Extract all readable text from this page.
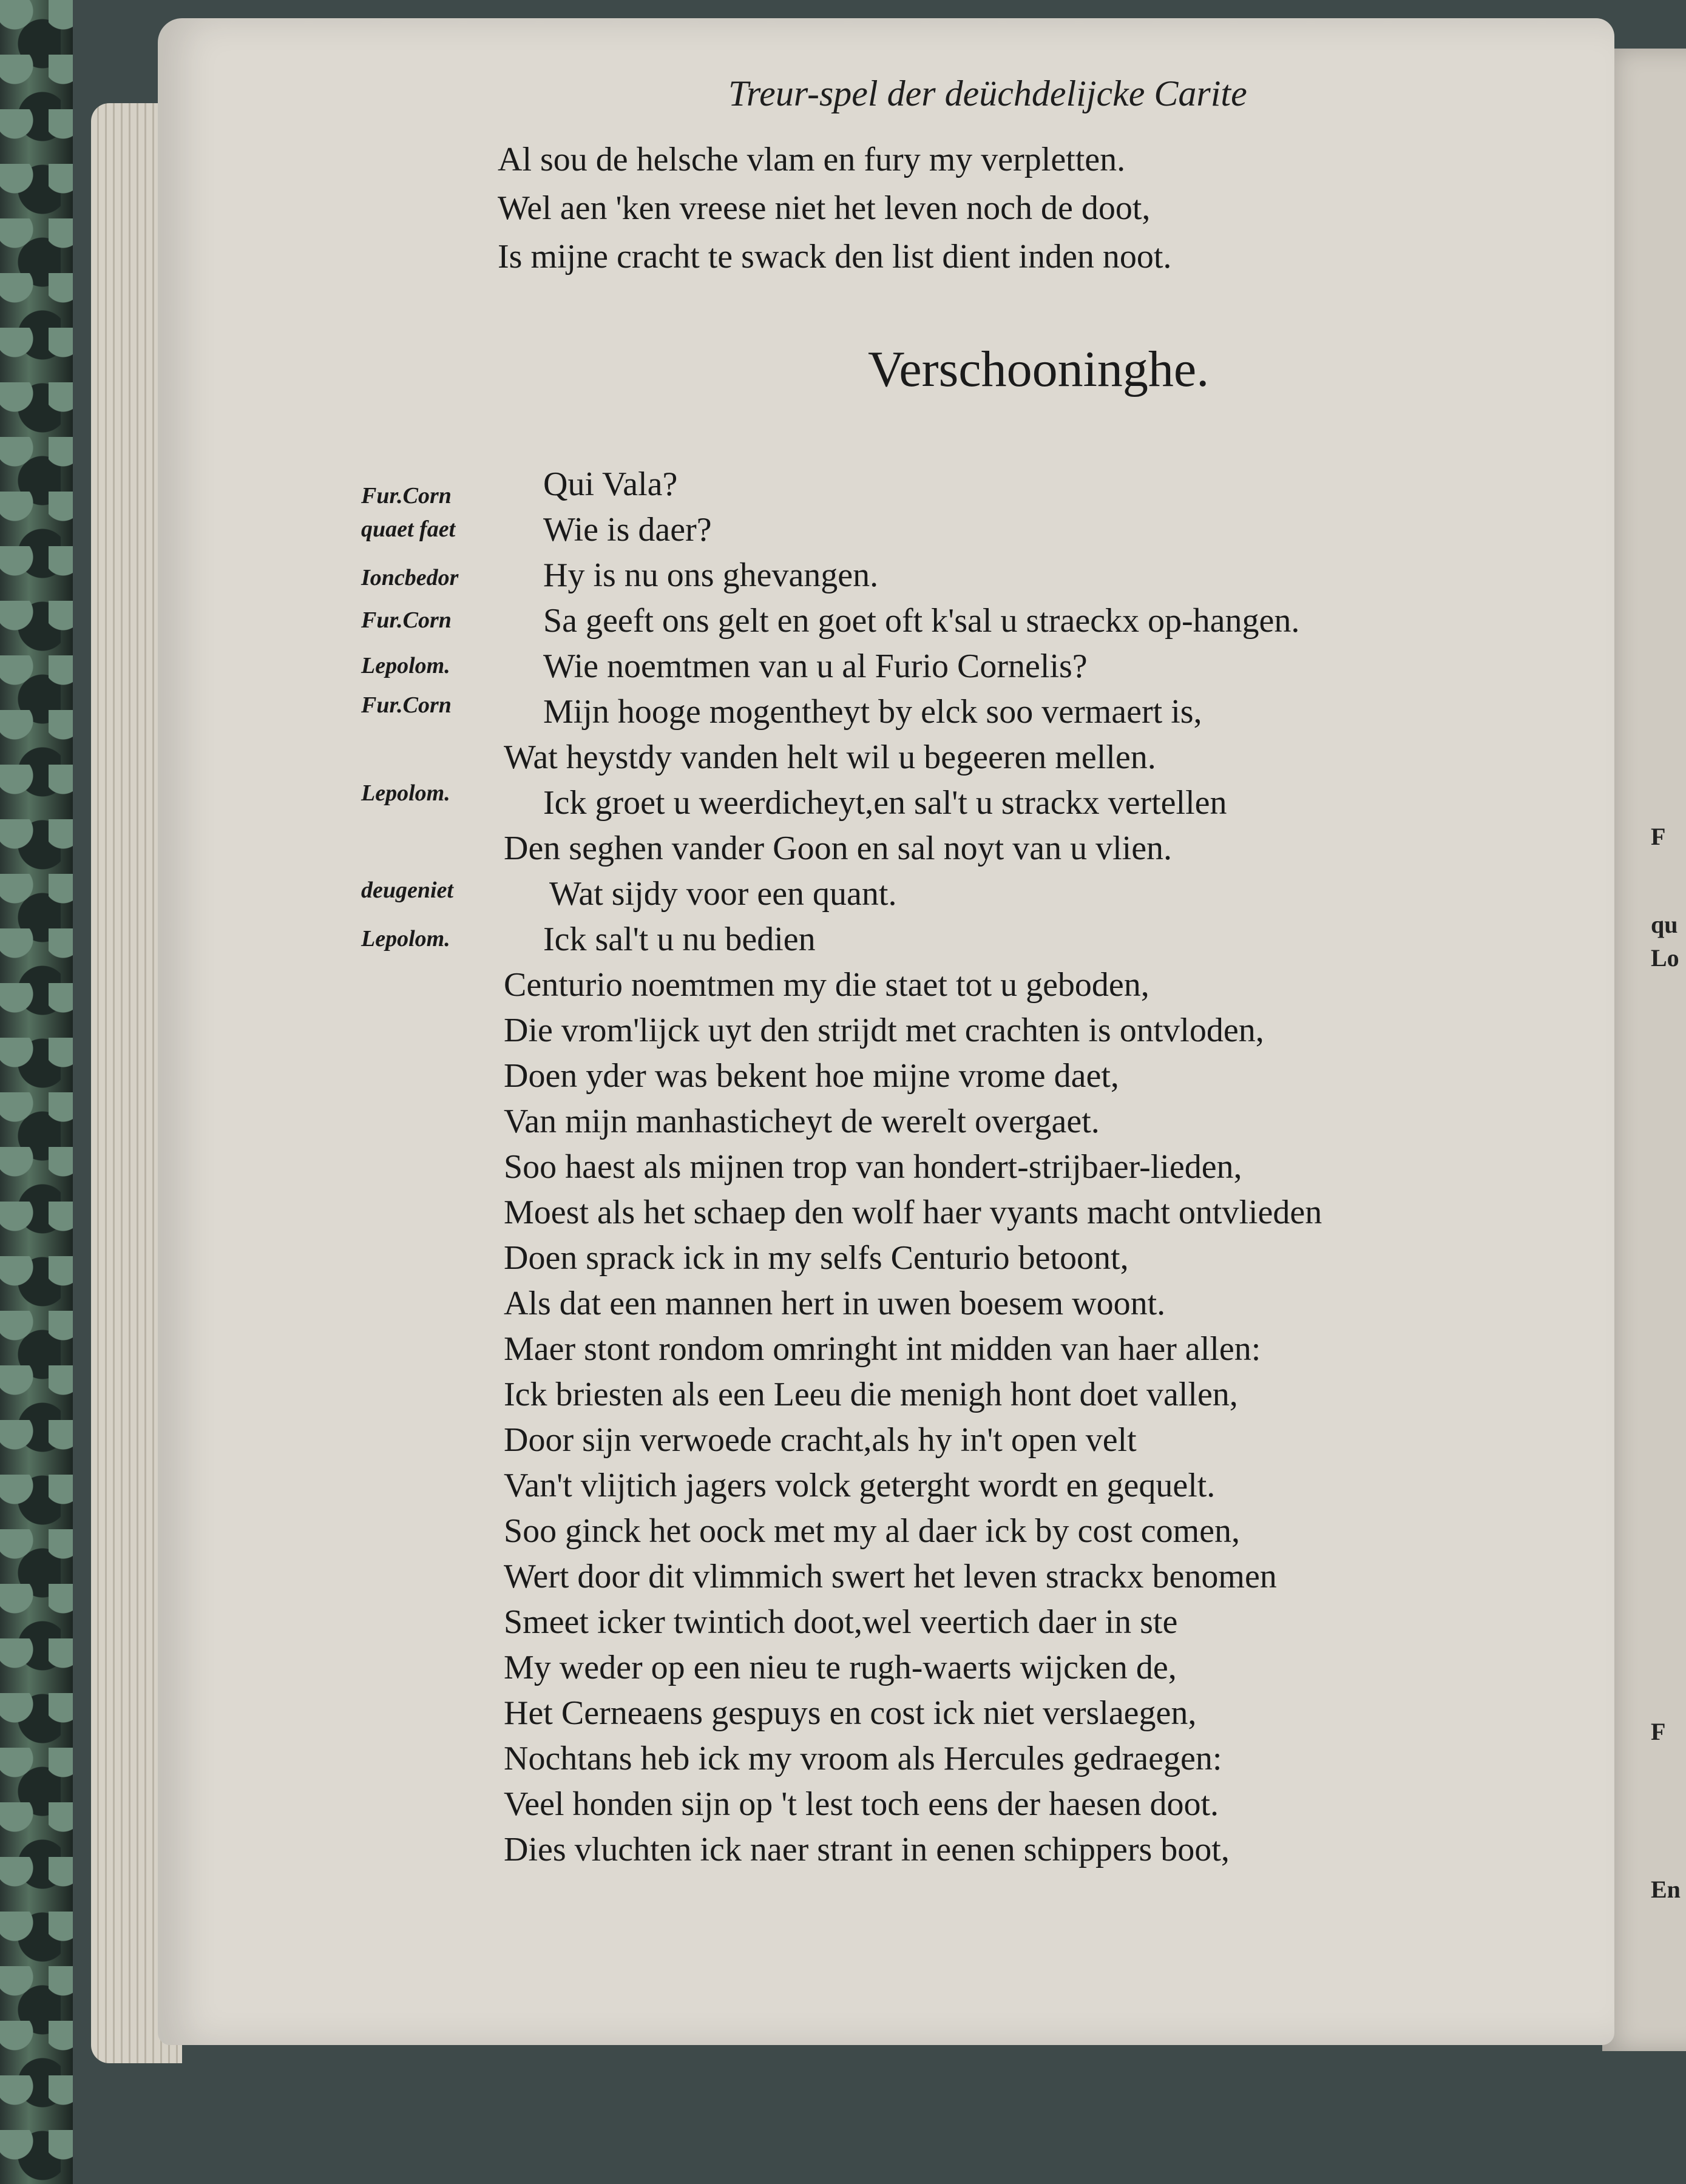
Treur-spel der deüchdelijcke Carite
Al sou de helsche vlam en fury my verpletten.
Wel aen 'ken vreese niet het leven noch de doot,
Is mijne cracht te swack den list dient inden noot.
Verschooninghe.
Fur.Corn
quaet faet
Ioncbedor
Fur.Corn
Lepolom.
Fur.Corn
Lepolom.
deugeniet
Lepolom.
Qui Vala?
Wie is daer?
Hy is nu ons ghevangen.
Sa geeft ons gelt en goet oft k'sal u straeckx op-hangen.
Wie noemtmen van u al Furio Cornelis?
Mijn hooge mogentheyt by elck soo vermaert is,
Wat heystdy vanden helt wil u begeeren mellen.
Ick groet u weerdicheyt,en sal't u strackx vertellen
Den seghen vander Goon en sal noyt van u vlien.
Wat sijdy voor een quant.
Ick sal't u nu bedien
Centurio noemtmen my die staet tot u geboden,
Die vrom'lijck uyt den strijdt met crachten is ontvloden,
Doen yder was bekent hoe mijne vrome daet,
Van mijn manhasticheyt de werelt overgaet.
Soo haest als mijnen trop van hondert-strijbaer-lieden,
Moest als het schaep den wolf haer vyants macht ontvlieden
Doen sprack ick in my selfs Centurio betoont,
Als dat een mannen hert in uwen boesem woont.
Maer stont rondom omringht int midden van haer allen:
Ick briesten als een Leeu die menigh hont doet vallen,
Door sijn verwoede cracht,als hy in't open velt
Van't vlijtich jagers volck geterght wordt en gequelt.
Soo ginck het oock met my al daer ick by cost comen,
Wert door dit vlimmich swert het leven strackx benomen
Smeet icker twintich doot,wel veertich daer in ste
My weder op een nieu te rugh-waerts wijcken de,
Het Cerneaens gespuys en cost ick niet verslaegen,
Nochtans heb ick my vroom als Hercules gedraegen:
Veel honden sijn op 't lest toch eens der haesen doot.
Dies vluchten ick naer strant in eenen schippers boot,
F
qu
Lo
F
En
